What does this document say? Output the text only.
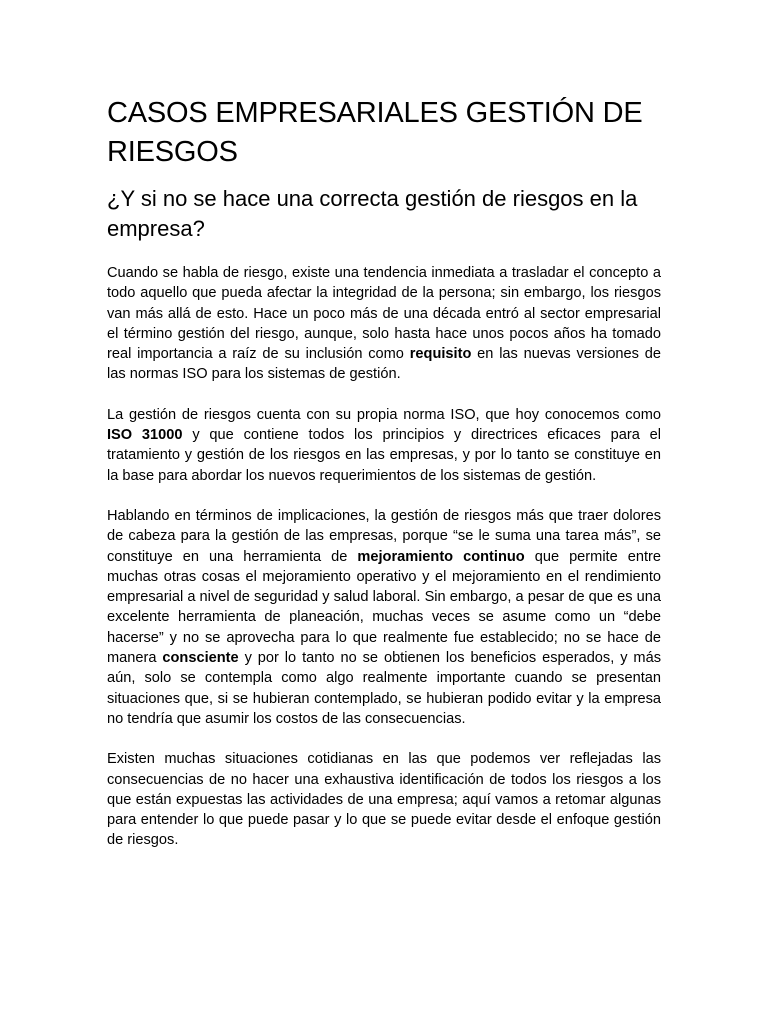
CASOS EMPRESARIALES GESTIÓN DE RIESGOS
¿Y si no se hace una correcta gestión de riesgos en la empresa?

Cuando se habla de riesgo, existe una tendencia inmediata a trasladar el concepto a todo aquello que pueda afectar la integridad de la persona; sin embargo, los riesgos van más allá de esto. Hace un poco más de una década entró al sector empresarial el término gestión del riesgo, aunque, solo hasta hace unos pocos años ha tomado real importancia a raíz de su inclusión como requisito en las nuevas versiones de las normas ISO para los sistemas de gestión.

La gestión de riesgos cuenta con su propia norma ISO, que hoy conocemos como ISO 31000 y que contiene todos los principios y directrices eficaces para el tratamiento y gestión de los riesgos en las empresas, y por lo tanto se constituye en la base para abordar los nuevos requerimientos de los sistemas de gestión.

Hablando en términos de implicaciones, la gestión de riesgos más que traer dolores de cabeza para la gestión de las empresas, porque “se le suma una tarea más”, se constituye en una herramienta de mejoramiento continuo que permite entre muchas otras cosas el mejoramiento operativo y el mejoramiento en el rendimiento empresarial a nivel de seguridad y salud laboral. Sin embargo, a pesar de que es una excelente herramienta de planeación, muchas veces se asume como un “debe hacerse” y no se aprovecha para lo que realmente fue establecido; no se hace de manera consciente y por lo tanto no se obtienen los beneficios esperados, y más aún, solo se contempla como algo realmente importante cuando se presentan situaciones que, si se hubieran contemplado, se hubieran podido evitar y la empresa no tendría que asumir los costos de las consecuencias.

Existen muchas situaciones cotidianas en las que podemos ver reflejadas las consecuencias de no hacer una exhaustiva identificación de todos los riesgos a los que están expuestas las actividades de una empresa; aquí vamos a retomar algunas para entender lo que puede pasar y lo que se puede evitar desde el enfoque gestión de riesgos.
